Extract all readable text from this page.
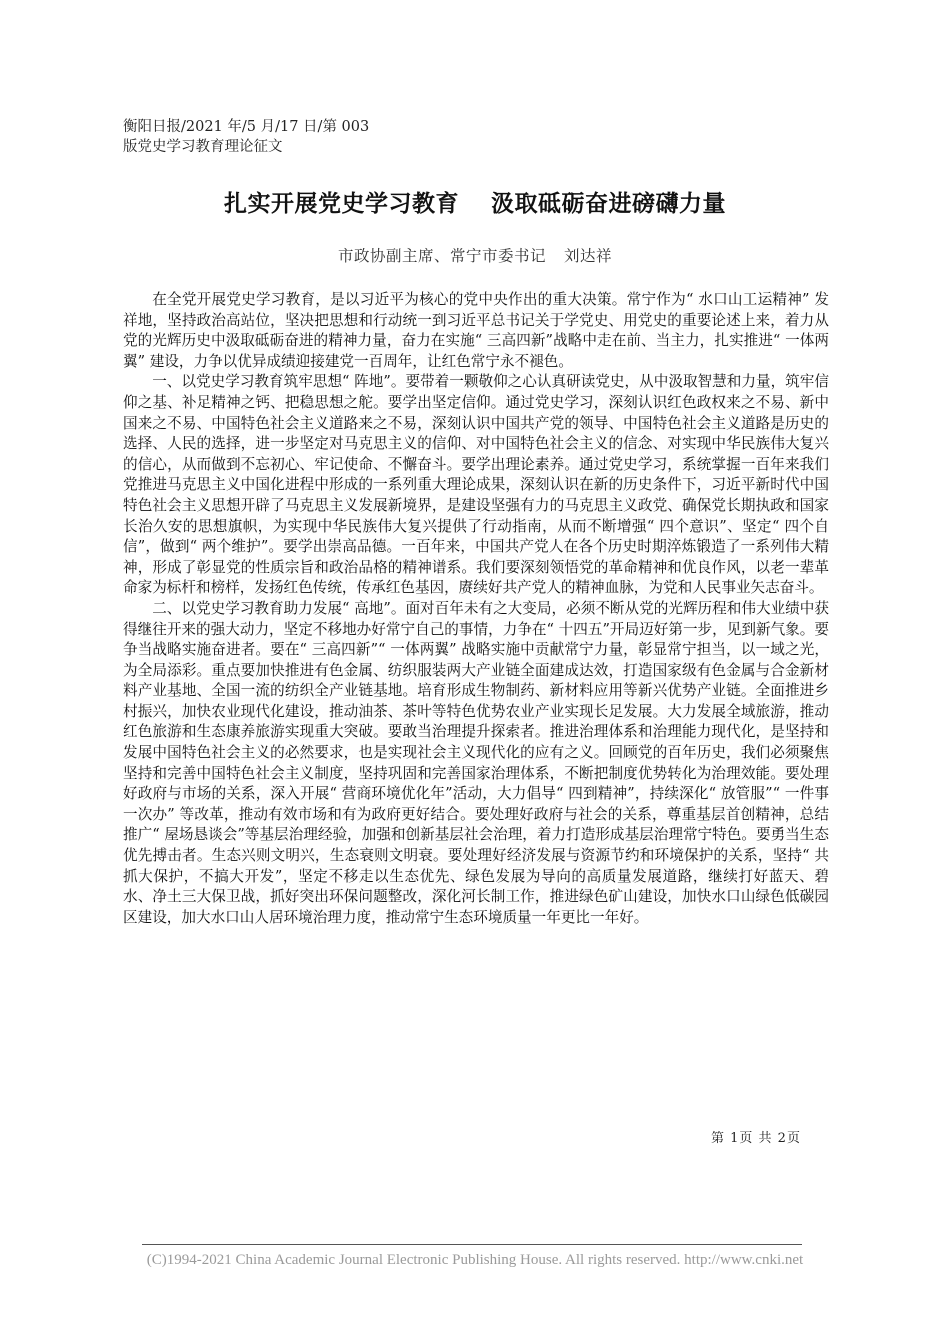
衡阳日报/2021 年/5 月/17 日/第 003
版党史学习教育理论征文
扎实开展党史学习教育 汲取砥砺奋进磅礴力量
市政协副主席、常宁市委书记 刘达祥

在全党开展党史学习教育，是以习近平为核心的党中央作出的重大决策。常宁作为“ 水口山工运精神” 发祥地，坚持政治高站位，坚决把思想和行动统一到习近平总书记关于学党史、用党史的重要论述上来，着力从党的光辉历史中汲取砥砺奋进的精神力量，奋力在实施“ 三高四新”战略中走在前、当主力，扎实推进“ 一体两翼” 建设，力争以优异成绩迎接建党一百周年，让红色常宁永不褪色。

一、以党史学习教育筑牢思想“ 阵地”。要带着一颗敬仰之心认真研读党史，从中汲取智慧和力量，筑牢信仰之基、补足精神之钙、把稳思想之舵。要学出坚定信仰。通过党史学习，深刻认识红色政权来之不易、新中国来之不易、中国特色社会主义道路来之不易，深刻认识中国共产党的领导、中国特色社会主义道路是历史的选择、人民的选择，进一步坚定对马克思主义的信仰、对中国特色社会主义的信念、对实现中华民族伟大复兴的信心，从而做到不忘初心、牢记使命、不懈奋斗。要学出理论素养。通过党史学习，系统掌握一百年来我们党推进马克思主义中国化进程中形成的一系列重大理论成果，深刻认识在新的历史条件下，习近平新时代中国特色社会主义思想开辟了马克思主义发展新境界，是建设坚强有力的马克思主义政党、确保党长期执政和国家长治久安的思想旗帜，为实现中华民族伟大复兴提供了行动指南，从而不断增强“ 四个意识”、坚定“ 四个自信”，做到“ 两个维护”。要学出崇高品德。一百年来，中国共产党人在各个历史时期淬炼锻造了一系列伟大精神，形成了彰显党的性质宗旨和政治品格的精神谱系。我们要深刻领悟党的革命精神和优良作风，以老一辈革命家为标杆和榜样，发扬红色传统，传承红色基因，赓续好共产党人的精神血脉，为党和人民事业矢志奋斗。

二、以党史学习教育助力发展“ 高地”。面对百年未有之大变局，必须不断从党的光辉历程和伟大业绩中获得继往开来的强大动力，坚定不移地办好常宁自己的事情，力争在“ 十四五”开局迈好第一步，见到新气象。要争当战略实施奋进者。要在“ 三高四新”“ 一体两翼” 战略实施中贡献常宁力量，彰显常宁担当，以一域之光，为全局添彩。重点要加快推进有色金属、纺织服装两大产业链全面建成达效，打造国家级有色金属与合金新材料产业基地、全国一流的纺织全产业链基地。培育形成生物制药、新材料应用等新兴优势产业链。全面推进乡村振兴，加快农业现代化建设，推动油茶、茶叶等特色优势农业产业实现长足发展。大力发展全域旅游，推动红色旅游和生态康养旅游实现重大突破。要敢当治理提升探索者。推进治理体系和治理能力现代化，是坚持和发展中国特色社会主义的必然要求，也是实现社会主义现代化的应有之义。回顾党的百年历史，我们必须聚焦坚持和完善中国特色社会主义制度，坚持巩固和完善国家治理体系，不断把制度优势转化为治理效能。要处理好政府与市场的关系，深入开展“ 营商环境优化年”活动，大力倡导“ 四到精神”，持续深化“ 放管服”“ 一件事一次办” 等改革，推动有效市场和有为政府更好结合。要处理好政府与社会的关系，尊重基层首创精神，总结推广“ 屋场恳谈会”等基层治理经验，加强和创新基层社会治理，着力打造形成基层治理常宁特色。要勇当生态优先搏击者。生态兴则文明兴，生态衰则文明衰。要处理好经济发展与资源节约和环境保护的关系，坚持“ 共抓大保护，不搞大开发”，坚定不移走以生态优先、绿色发展为导向的高质量发展道路，继续打好蓝天、碧水、净土三大保卫战，抓好突出环保问题整改，深化河长制工作，推进绿色矿山建设，加快水口山绿色低碳园区建设，加大水口山人居环境治理力度，推动常宁生态环境质量一年更比一年好。

第 1页 共 2页
(C)1994-2021 China Academic Journal Electronic Publishing House. All rights reserved. http://www.cnki.net
